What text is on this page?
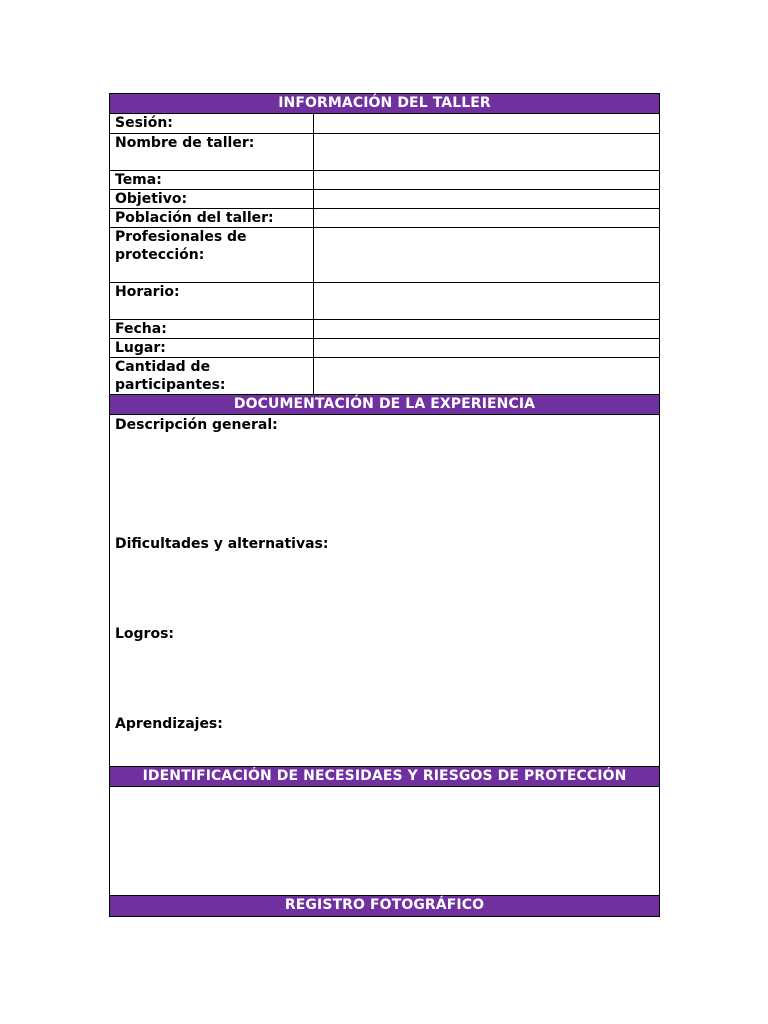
INFORMACIÓN DEL TALLER
Sesión:	
Nombre de taller:	
Tema:	
Objetivo:	
Población del taller:	
Profesionales de protección:	
Horario:	
Fecha:	
Lugar:	
Cantidad de participantes:	
DOCUMENTACIÓN DE LA EXPERIENCIA
Descripción general:
Dificultades y alternativas:
Logros:
Aprendizajes:
IDENTIFICACIÓN DE NECESIDAES Y RIESGOS DE PROTECCIÓN
REGISTRO FOTOGRÁFICO
